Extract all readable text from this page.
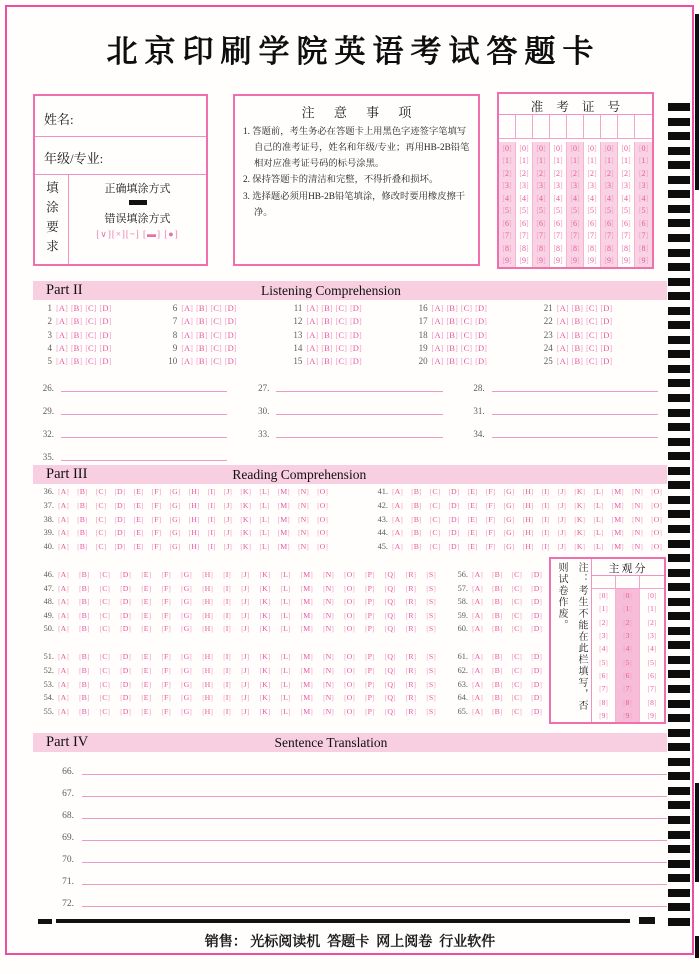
北京印刷学院英语考试答题卡
姓名:
年级/专业:
填涂要求	正确填涂方式
错误填涂方式
[∨][×][~] [▬] [●]
注 意 事 项
1. 答题前，考生务必在答题卡上用黑色字迹签字笔填写自己的准考证号，姓名和年级/专业；再用HB-2B铅笔相对应准考证号码的标号涂黑。
2. 保持答题卡的清洁和完整，不得折叠和损坏。
3. 选择题必须用HB-2B铅笔填涂，修改时要用橡皮擦干净。
准 考 证 号
[0] [0] [0] [0] [0] [0] [0] [0] [0]
[1] [1] [1] [1] [1] [1] [1] [1] [1]
[2] [2] [2] [2] [2] [2] [2] [2] [2]
[3] [3] [3] [3] [3] [3] [3] [3] [3]
[4] [4] [4] [4] [4] [4] [4] [4] [4]
[5] [5] [5] [5] [5] [5] [5] [5] [5]
[6] [6] [6] [6] [6] [6] [6] [6] [6]
[7] [7] [7] [7] [7] [7] [7] [7] [7]
[8] [8] [8] [8] [8] [8] [8] [8] [8]
[9] [9] [9] [9] [9] [9] [9] [9] [9]
Part II	Listening Comprehension
1 [A] [B] [C] [D]
2 [A] [B] [C] [D]
3 [A] [B] [C] [D]
4 [A] [B] [C] [D]
5 [A] [B] [C] [D]
6 [A] [B] [C] [D]
7 [A] [B] [C] [D]
8 [A] [B] [C] [D]
9 [A] [B] [C] [D]
10 [A] [B] [C] [D]
11 [A] [B] [C] [D]
12 [A] [B] [C] [D]
13 [A] [B] [C] [D]
14 [A] [B] [C] [D]
15 [A] [B] [C] [D]
16 [A] [B] [C] [D]
17 [A] [B] [C] [D]
18 [A] [B] [C] [D]
19 [A] [B] [C] [D]
20 [A] [B] [C] [D]
21 [A] [B] [C] [D]
22 [A] [B] [C] [D]
23 [A] [B] [C] [D]
24 [A] [B] [C] [D]
25 [A] [B] [C] [D]
26.	27.	28.
29.	30.	31.
32.	33.	34.
35.
Part III	Reading Comprehension
36. [A] [B] [C] [D] [E] [F] [G] [H] [I] [J] [K] [L] [M] [N] [O]
37. [A] [B] [C] [D] [E] [F] [G] [H] [I] [J] [K] [L] [M] [N] [O]
38. [A] [B] [C] [D] [E] [F] [G] [H] [I] [J] [K] [L] [M] [N] [O]
39. [A] [B] [C] [D] [E] [F] [G] [H] [I] [J] [K] [L] [M] [N] [O]
40. [A] [B] [C] [D] [E] [F] [G] [H] [I] [J] [K] [L] [M] [N] [O]
41. [A] [B] [C] [D] [E] [F] [G] [H] [I] [J] [K] [L] [M] [N] [O]
42. [A] [B] [C] [D] [E] [F] [G] [H] [I] [J] [K] [L] [M] [N] [O]
43. [A] [B] [C] [D] [E] [F] [G] [H] [I] [J] [K] [L] [M] [N] [O]
44. [A] [B] [C] [D] [E] [F] [G] [H] [I] [J] [K] [L] [M] [N] [O]
45. [A] [B] [C] [D] [E] [F] [G] [H] [I] [J] [K] [L] [M] [N] [O]
46. [A] [B] [C] [D] [E] [F] [G] [H] [I] [J] [K] [L] [M] [N] [O] [P] [Q] [R] [S]
47. [A] [B] [C] [D] [E] [F] [G] [H] [I] [J] [K] [L] [M] [N] [O] [P] [Q] [R] [S]
48. [A] [B] [C] [D] [E] [F] [G] [H] [I] [J] [K] [L] [M] [N] [O] [P] [Q] [R] [S]
49. [A] [B] [C] [D] [E] [F] [G] [H] [I] [J] [K] [L] [M] [N] [O] [P] [Q] [R] [S]
50. [A] [B] [C] [D] [E] [F] [G] [H] [I] [J] [K] [L] [M] [N] [O] [P] [Q] [R] [S]
51. [A] [B] [C] [D] [E] [F] [G] [H] [I] [J] [K] [L] [M] [N] [O] [P] [Q] [R] [S]
52. [A] [B] [C] [D] [E] [F] [G] [H] [I] [J] [K] [L] [M] [N] [O] [P] [Q] [R] [S]
53. [A] [B] [C] [D] [E] [F] [G] [H] [I] [J] [K] [L] [M] [N] [O] [P] [Q] [R] [S]
54. [A] [B] [C] [D] [E] [F] [G] [H] [I] [J] [K] [L] [M] [N] [O] [P] [Q] [R] [S]
55. [A] [B] [C] [D] [E] [F] [G] [H] [I] [J] [K] [L] [M] [N] [O] [P] [Q] [R] [S]
56. [A] [B] [C] [D]
57. [A] [B] [C] [D]
58. [A] [B] [C] [D]
59. [A] [B] [C] [D]
60. [A] [B] [C] [D]
61. [A] [B] [C] [D]
62. [A] [B] [C] [D]
63. [A] [B] [C] [D]
64. [A] [B] [C] [D]
65. [A] [B] [C] [D]	注：考生不能在此栏填写，否则试卷作废。	主观分
[0] [0] [0]
[1] [1] [1]
[2] [2] [2]
[3] [3] [3]
[4] [4] [4]
[5] [5] [5]
[6] [6] [6]
[7] [7] [7]
[8] [8] [8]
[9] [9] [9]
Part IV	Sentence Translation
66.
67.
68.
69.
70.
71.
72.
销售： 光标阅读机  答题卡  网上阅卷  行业软件
